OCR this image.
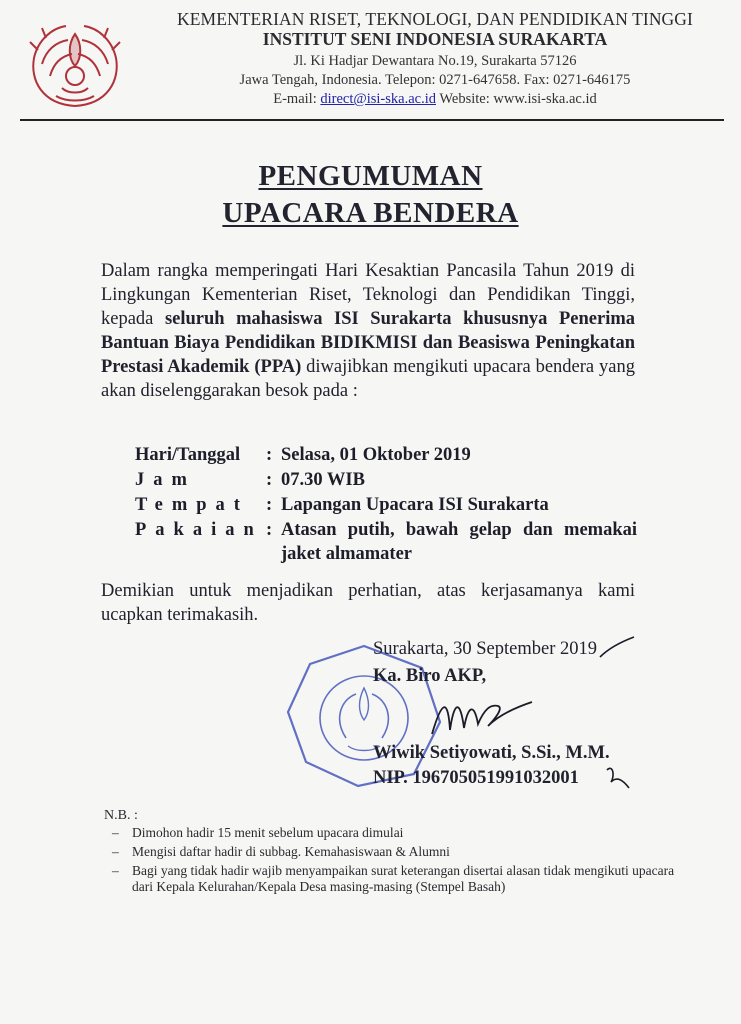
KEMENTERIAN RISET, TEKNOLOGI, DAN PENDIDIKAN TINGGI
INSTITUT SENI INDONESIA SURAKARTA
Jl. Ki Hadjar Dewantara No.19, Surakarta 57126
Jawa Tengah, Indonesia. Telepon: 0271-647658. Fax: 0271-646175
E-mail: direct@isi-ska.ac.id Website: www.isi-ska.ac.id
PENGUMUMAN
UPACARA BENDERA
Dalam rangka memperingati Hari Kesaktian Pancasila Tahun 2019 di Lingkungan Kementerian Riset, Teknologi dan Pendidikan Tinggi, kepada seluruh mahasiswa ISI Surakarta khususnya Penerima Bantuan Biaya Pendidikan BIDIKMISI dan Beasiswa Peningkatan Prestasi Akademik (PPA) diwajibkan mengikuti upacara bendera yang akan diselenggarakan besok pada :
Hari/Tanggal	: Selasa, 01 Oktober 2019
Jam	: 07.30 WIB
Tempat : Lapangan Upacara ISI Surakarta
Pakaian : Atasan putih, bawah gelap dan memakai jaket almamater
Demikian untuk menjadikan perhatian, atas kerjasamanya kami ucapkan terimakasih.
Surakarta, 30 September 2019
Ka. Biro AKP,
Wiwik Setiyowati, S.Si., M.M.
NIP. 196705051991032001
N.B. :
– Dimohon hadir 15 menit sebelum upacara dimulai
– Mengisi daftar hadir di subbag. Kemahasiswaan & Alumni
– Bagi yang tidak hadir wajib menyampaikan surat keterangan disertai alasan tidak mengikuti upacara dari Kepala Kelurahan/Kepala Desa masing-masing (Stempel Basah)
